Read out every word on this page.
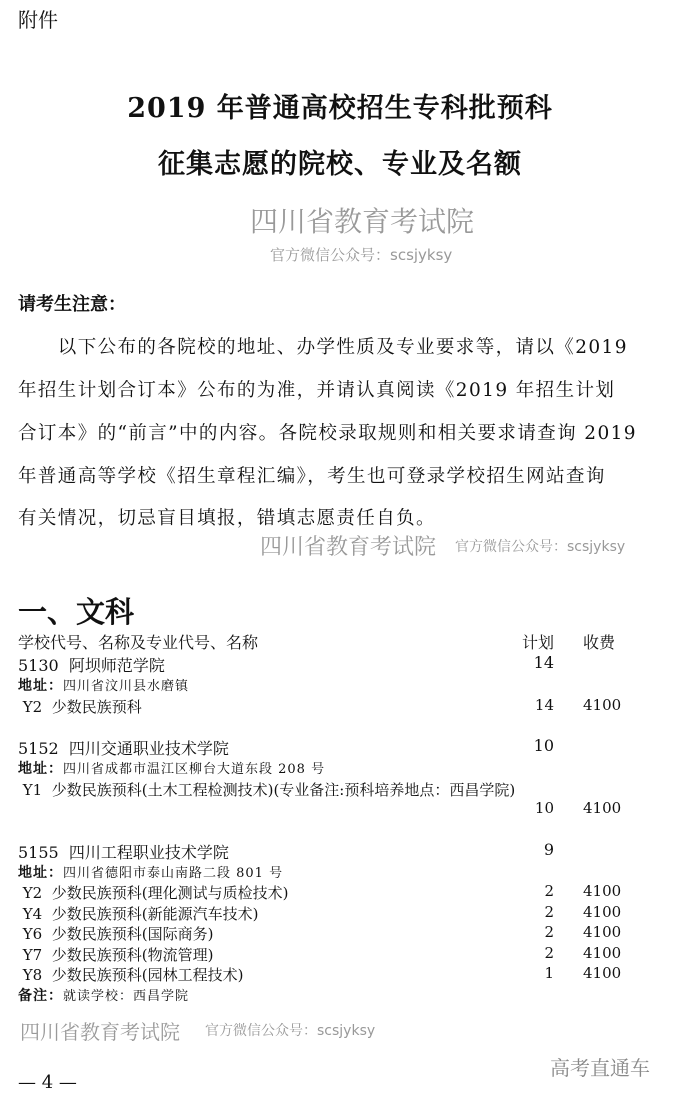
附件
2019 年普通高校招生专科批预科
征集志愿的院校、专业及名额
四川省教育考试院
官方微信公众号：scsjyksy
四川省教育考试院 官方微信公众号：scsjyksy
四川省教育考试院 官方微信公众号：scsjyksy
请考生注意：
　　以下公布的各院校的地址、办学性质及专业要求等，请以《2019
年招生计划合订本》公布的为准，并请认真阅读《2019 年招生计划
合订本》的“前言”中的内容。各院校录取规则和相关要求请查询 2019
年普通高等学校《招生章程汇编》，考生也可登录学校招生网站查询
有关情况，切忌盲目填报，错填志愿责任自负。
一、文科
学校代号、名称及专业代号、名称	计划 收费
5130  阿坝师范学院	14
地址：四川省汶川县水磨镇
Y2  少数民族预科	14 4100
5152  四川交通职业技术学院	10
地址：四川省成都市温江区柳台大道东段 208 号
Y1  少数民族预科(土木工程检测技术)(专业备注:预科培养地点：西昌学院)
10 4100
5155  四川工程职业技术学院	9
地址：四川省德阳市泰山南路二段 801 号
Y2  少数民族预科(理化测试与质检技术)	2 4100
Y4  少数民族预科(新能源汽车技术)	2 4100
Y6  少数民族预科(国际商务)	2 4100
Y7  少数民族预科(物流管理)	2 4100
Y8  少数民族预科(园林工程技术)	1 4100
备注：就读学校：西昌学院
高考直通车
— 4 —
